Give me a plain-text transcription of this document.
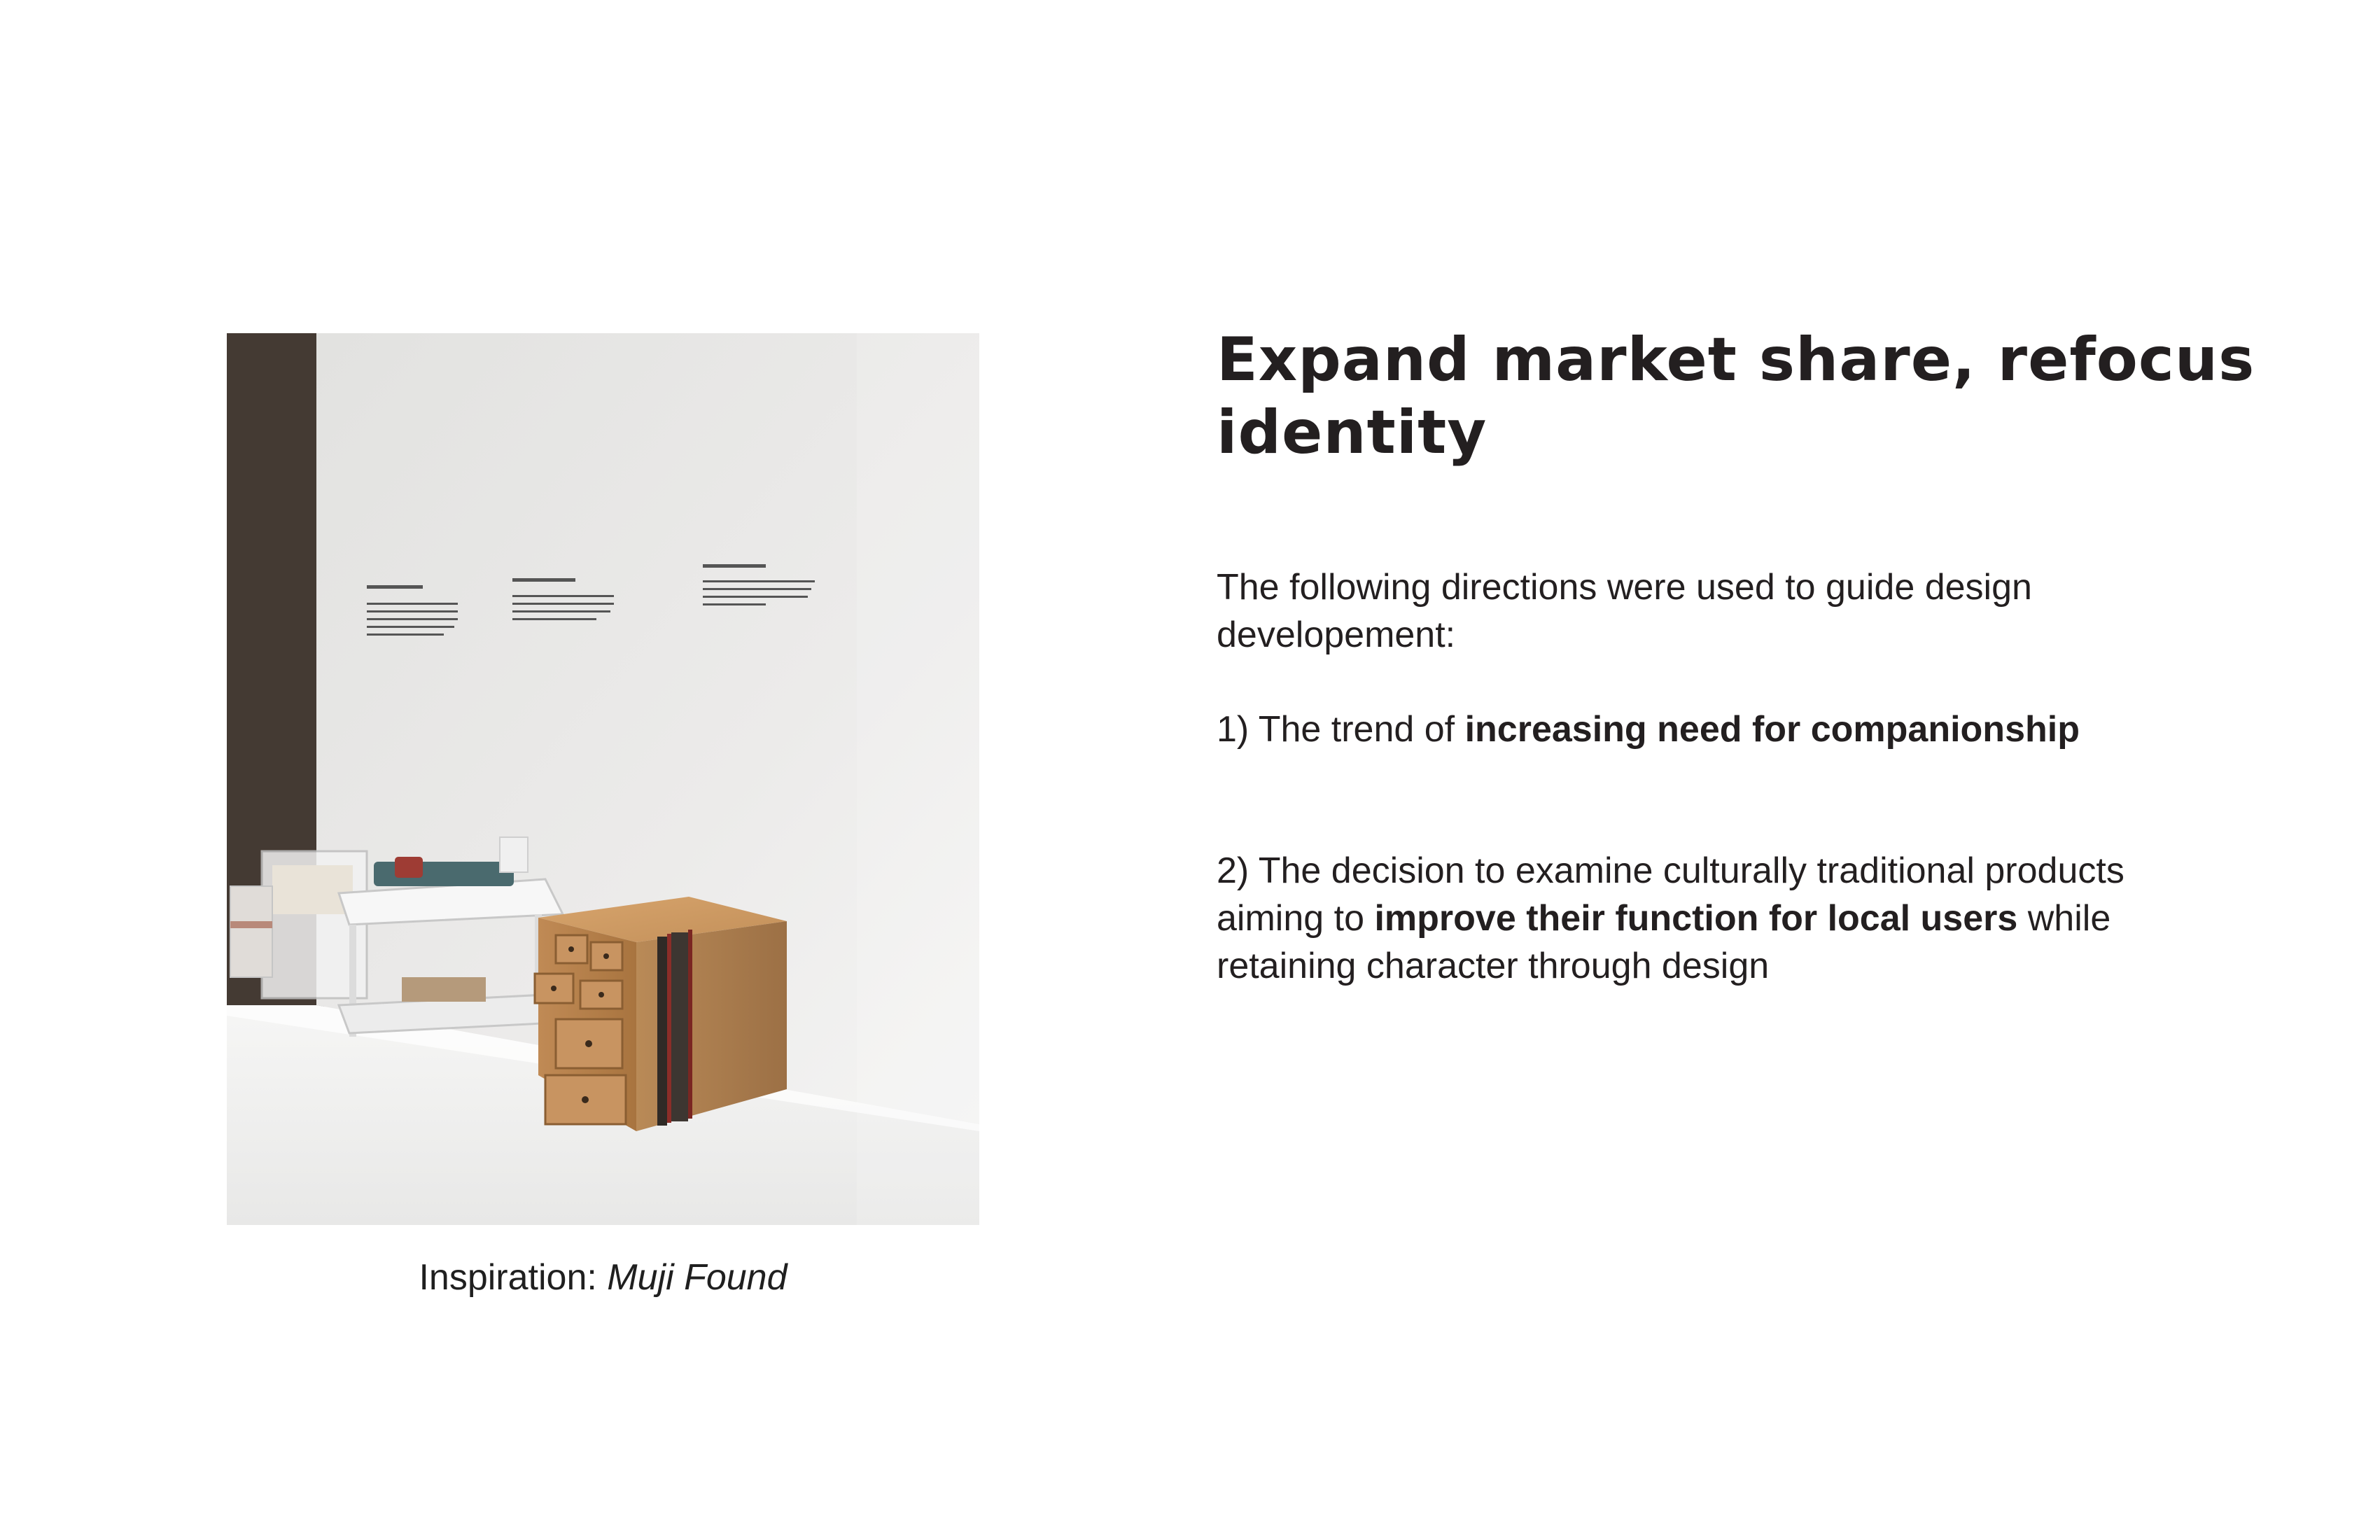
Inspiration: Muji Found
Expand market share, refocus identity

The following directions were used to guide design developement:

1) The trend of increasing need for companionship

2) The decision to examine culturally traditional products aiming to improve their function for local users while retaining character through design
